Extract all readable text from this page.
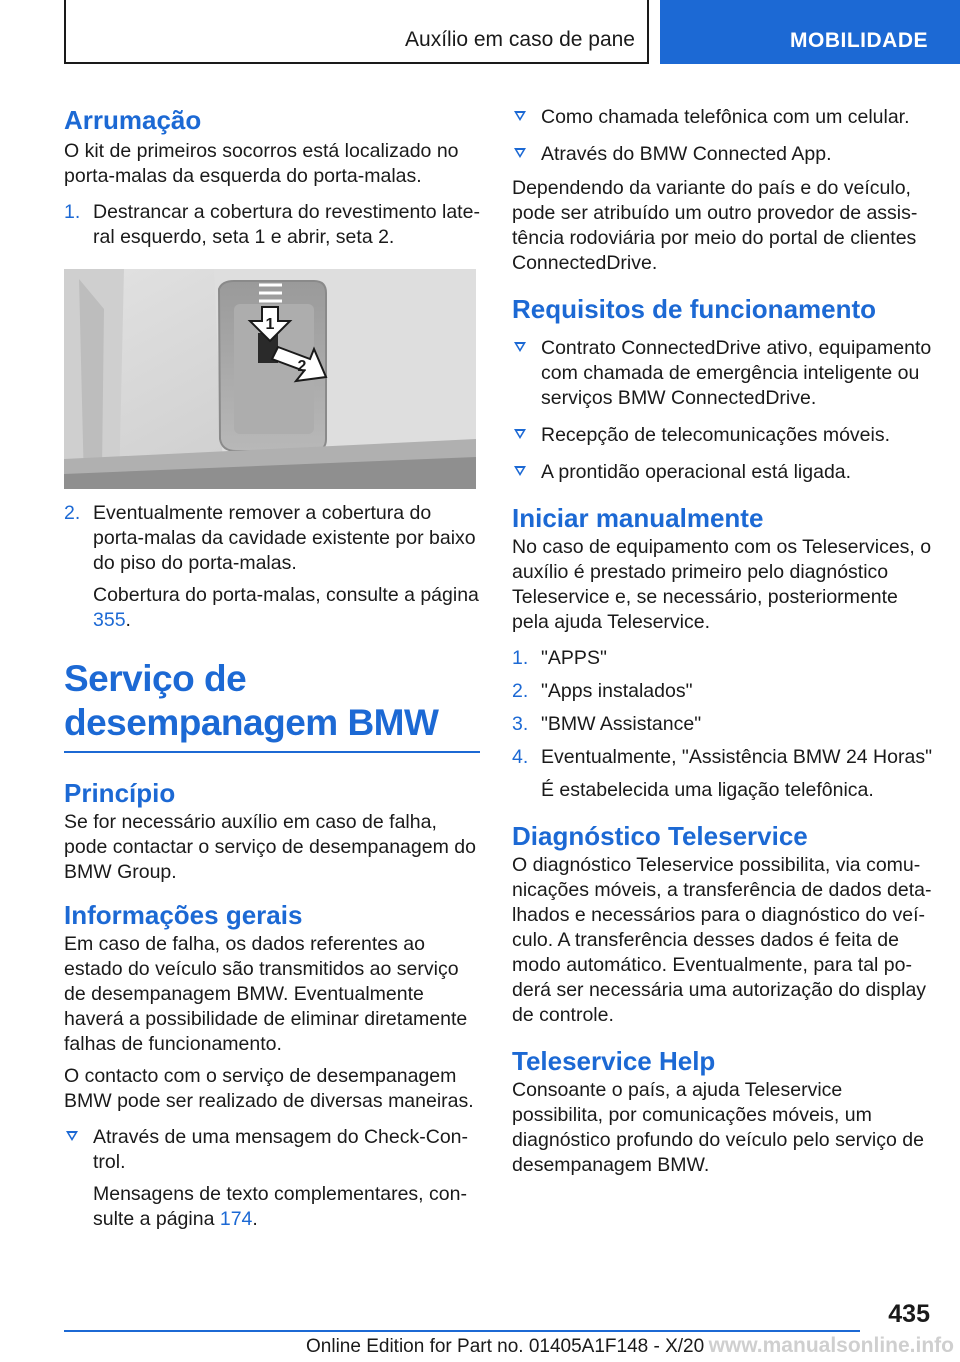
Auxílio em caso de pane	MOBILIDADE
Arrumação

O kit de primeiros socorros está localizado no porta-malas da esquerda do porta-malas.

1. Destrancar a cobertura do revestimento lateral esquerdo, seta 1 e abrir, seta 2.
1
2
2. Eventualmente remover a cobertura do porta-malas da cavidade existente por baixo do piso do porta-malas.
Cobertura do porta-malas, consulte a página 355.
Serviço de desempanagem BMW
Princípio

Se for necessário auxílio em caso de falha, pode contactar o serviço de desempanagem do BMW Group.

Informações gerais

Em caso de falha, os dados referentes ao estado do veículo são transmitidos ao serviço de desempanagem BMW. Eventualmente haverá a possibilidade de eliminar diretamente falhas de funcionamento.

O contacto com o serviço de desempanagem BMW pode ser realizado de diversas maneiras.

Através de uma mensagem do Check-Control.
Mensagens de texto complementares, consulte a página 174.
Como chamada telefônica com um celular.
Através do BMW Connected App.

Dependendo da variante do país e do veículo, pode ser atribuído um outro provedor de assistência rodoviária por meio do portal de clientes ConnectedDrive.

Requisitos de funcionamento
Contrato ConnectedDrive ativo, equipamento com chamada de emergência inteligente ou serviços BMW ConnectedDrive.
Recepção de telecomunicações móveis.
A prontidão operacional está ligada.
Iniciar manualmente

No caso de equipamento com os Teleservices, o auxílio é prestado primeiro pelo diagnóstico Teleservice e, se necessário, posteriormente pela ajuda Teleservice.

1. "APPS"
2. "Apps instalados"
3. "BMW Assistance"
4. Eventualmente, "Assistência BMW 24 Horas"
É estabelecida uma ligação telefônica.
Diagnóstico Teleservice

O diagnóstico Teleservice possibilita, via comunicações móveis, a transferência de dados detalhados e necessários para o diagnóstico do veículo. A transferência desses dados é feita de modo automático. Eventualmente, para tal poderá ser necessária uma autorização do display de controle.

Teleservice Help

Consoante o país, a ajuda Teleservice possibilita, por comunicações móveis, um diagnóstico profundo do veículo pelo serviço de desempanagem BMW.

435
Online Edition for Part no. 01405A1F148 - X/20 www.manualsonline.info
